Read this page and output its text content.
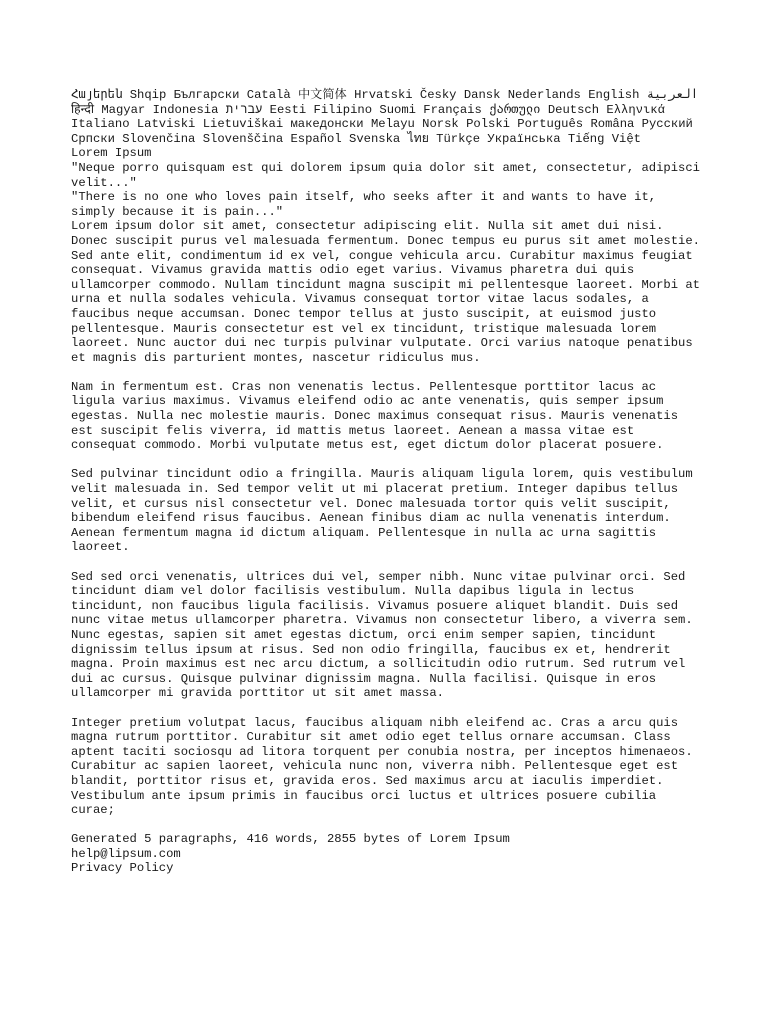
Հայերեն Shqip Български Català 中文简体 Hrvatski Česky Dansk Nederlands English العربية हिन्दी Magyar Indonesia עברית Eesti Filipino Suomi Français ქართული Deutsch Ελληνικά Italiano Latviski Lietuviškai македонски Melayu Norsk Polski Português Româna Русский Српски Slovenčina Slovenščina Español Svenska ไทย Türkçe Українська Tiếng Việt

Lorem Ipsum

"Neque porro quisquam est qui dolorem ipsum quia dolor sit amet, consectetur, adipisci velit..."

"There is no one who loves pain itself, who seeks after it and wants to have it, simply because it is pain..."

Lorem ipsum dolor sit amet, consectetur adipiscing elit. Nulla sit amet dui nisi. Donec suscipit purus vel malesuada fermentum. Donec tempus eu purus sit amet molestie. Sed ante elit, condimentum id ex vel, congue vehicula arcu. Curabitur maximus feugiat consequat. Vivamus gravida mattis odio eget varius. Vivamus pharetra dui quis ullamcorper commodo. Nullam tincidunt magna suscipit mi pellentesque laoreet. Morbi at urna et nulla sodales vehicula. Vivamus consequat tortor vitae lacus sodales, a faucibus neque accumsan. Donec tempor tellus at justo suscipit, at euismod justo pellentesque. Mauris consectetur est vel ex tincidunt, tristique malesuada lorem laoreet. Nunc auctor dui nec turpis pulvinar vulputate. Orci varius natoque penatibus et magnis dis parturient montes, nascetur ridiculus mus.

Nam in fermentum est. Cras non venenatis lectus. Pellentesque porttitor lacus ac ligula varius maximus. Vivamus eleifend odio ac ante venenatis, quis semper ipsum egestas. Nulla nec molestie mauris. Donec maximus consequat risus. Mauris venenatis est suscipit felis viverra, id mattis metus laoreet. Aenean a massa vitae est consequat commodo. Morbi vulputate metus est, eget dictum dolor placerat posuere.

Sed pulvinar tincidunt odio a fringilla. Mauris aliquam ligula lorem, quis vestibulum velit malesuada in. Sed tempor velit ut mi placerat pretium. Integer dapibus tellus velit, et cursus nisl consectetur vel. Donec malesuada tortor quis velit suscipit, bibendum eleifend risus faucibus. Aenean finibus diam ac nulla venenatis interdum. Aenean fermentum magna id dictum aliquam. Pellentesque in nulla ac urna sagittis laoreet.

Sed sed orci venenatis, ultrices dui vel, semper nibh. Nunc vitae pulvinar orci. Sed tincidunt diam vel dolor facilisis vestibulum. Nulla dapibus ligula in lectus tincidunt, non faucibus ligula facilisis. Vivamus posuere aliquet blandit. Duis sed nunc vitae metus ullamcorper pharetra. Vivamus non consectetur libero, a viverra sem. Nunc egestas, sapien sit amet egestas dictum, orci enim semper sapien, tincidunt dignissim tellus ipsum at risus. Sed non odio fringilla, faucibus ex et, hendrerit magna. Proin maximus est nec arcu dictum, a sollicitudin odio rutrum. Sed rutrum vel dui ac cursus. Quisque pulvinar dignissim magna. Nulla facilisi. Quisque in eros ullamcorper mi gravida porttitor ut sit amet massa.

Integer pretium volutpat lacus, faucibus aliquam nibh eleifend ac. Cras a arcu quis magna rutrum porttitor. Curabitur sit amet odio eget tellus ornare accumsan. Class aptent taciti sociosqu ad litora torquent per conubia nostra, per inceptos himenaeos. Curabitur ac sapien laoreet, vehicula nunc non, viverra nibh. Pellentesque eget est blandit, porttitor risus et, gravida eros. Sed maximus arcu at iaculis imperdiet. Vestibulum ante ipsum primis in faucibus orci luctus et ultrices posuere cubilia curae;

Generated 5 paragraphs, 416 words, 2855 bytes of Lorem Ipsum

help@lipsum.com

Privacy Policy
